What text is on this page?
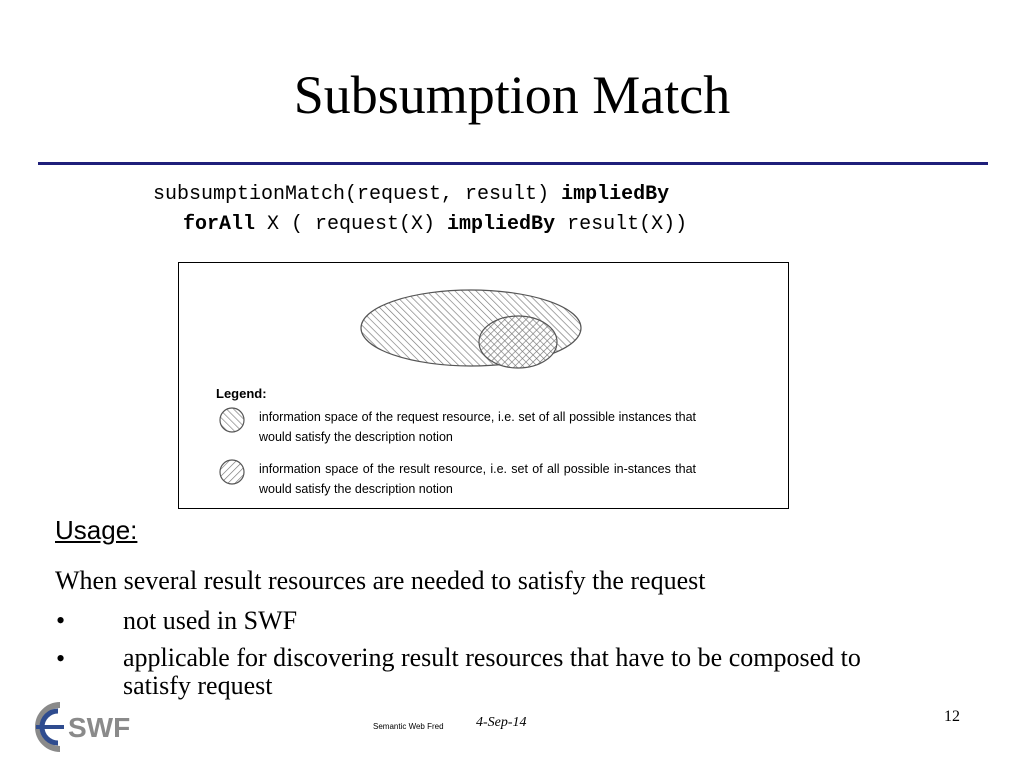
Subsumption Match
subsumptionMatch(request, result) impliedBy
forAll X ( request(X) impliedBy result(X))
Legend:
information space of the request resource, i.e. set of all possible instances that would satisfy the description notion
information space of the result resource, i.e. set of all possible in-stances that would satisfy the description notion
Usage:
When several result resources are needed to satisfy the request
• not used in SWF
• applicable for discovering result resources that have to be composed to satisfy request
SWF	Semantic Web Fred 4-Sep-14	12
